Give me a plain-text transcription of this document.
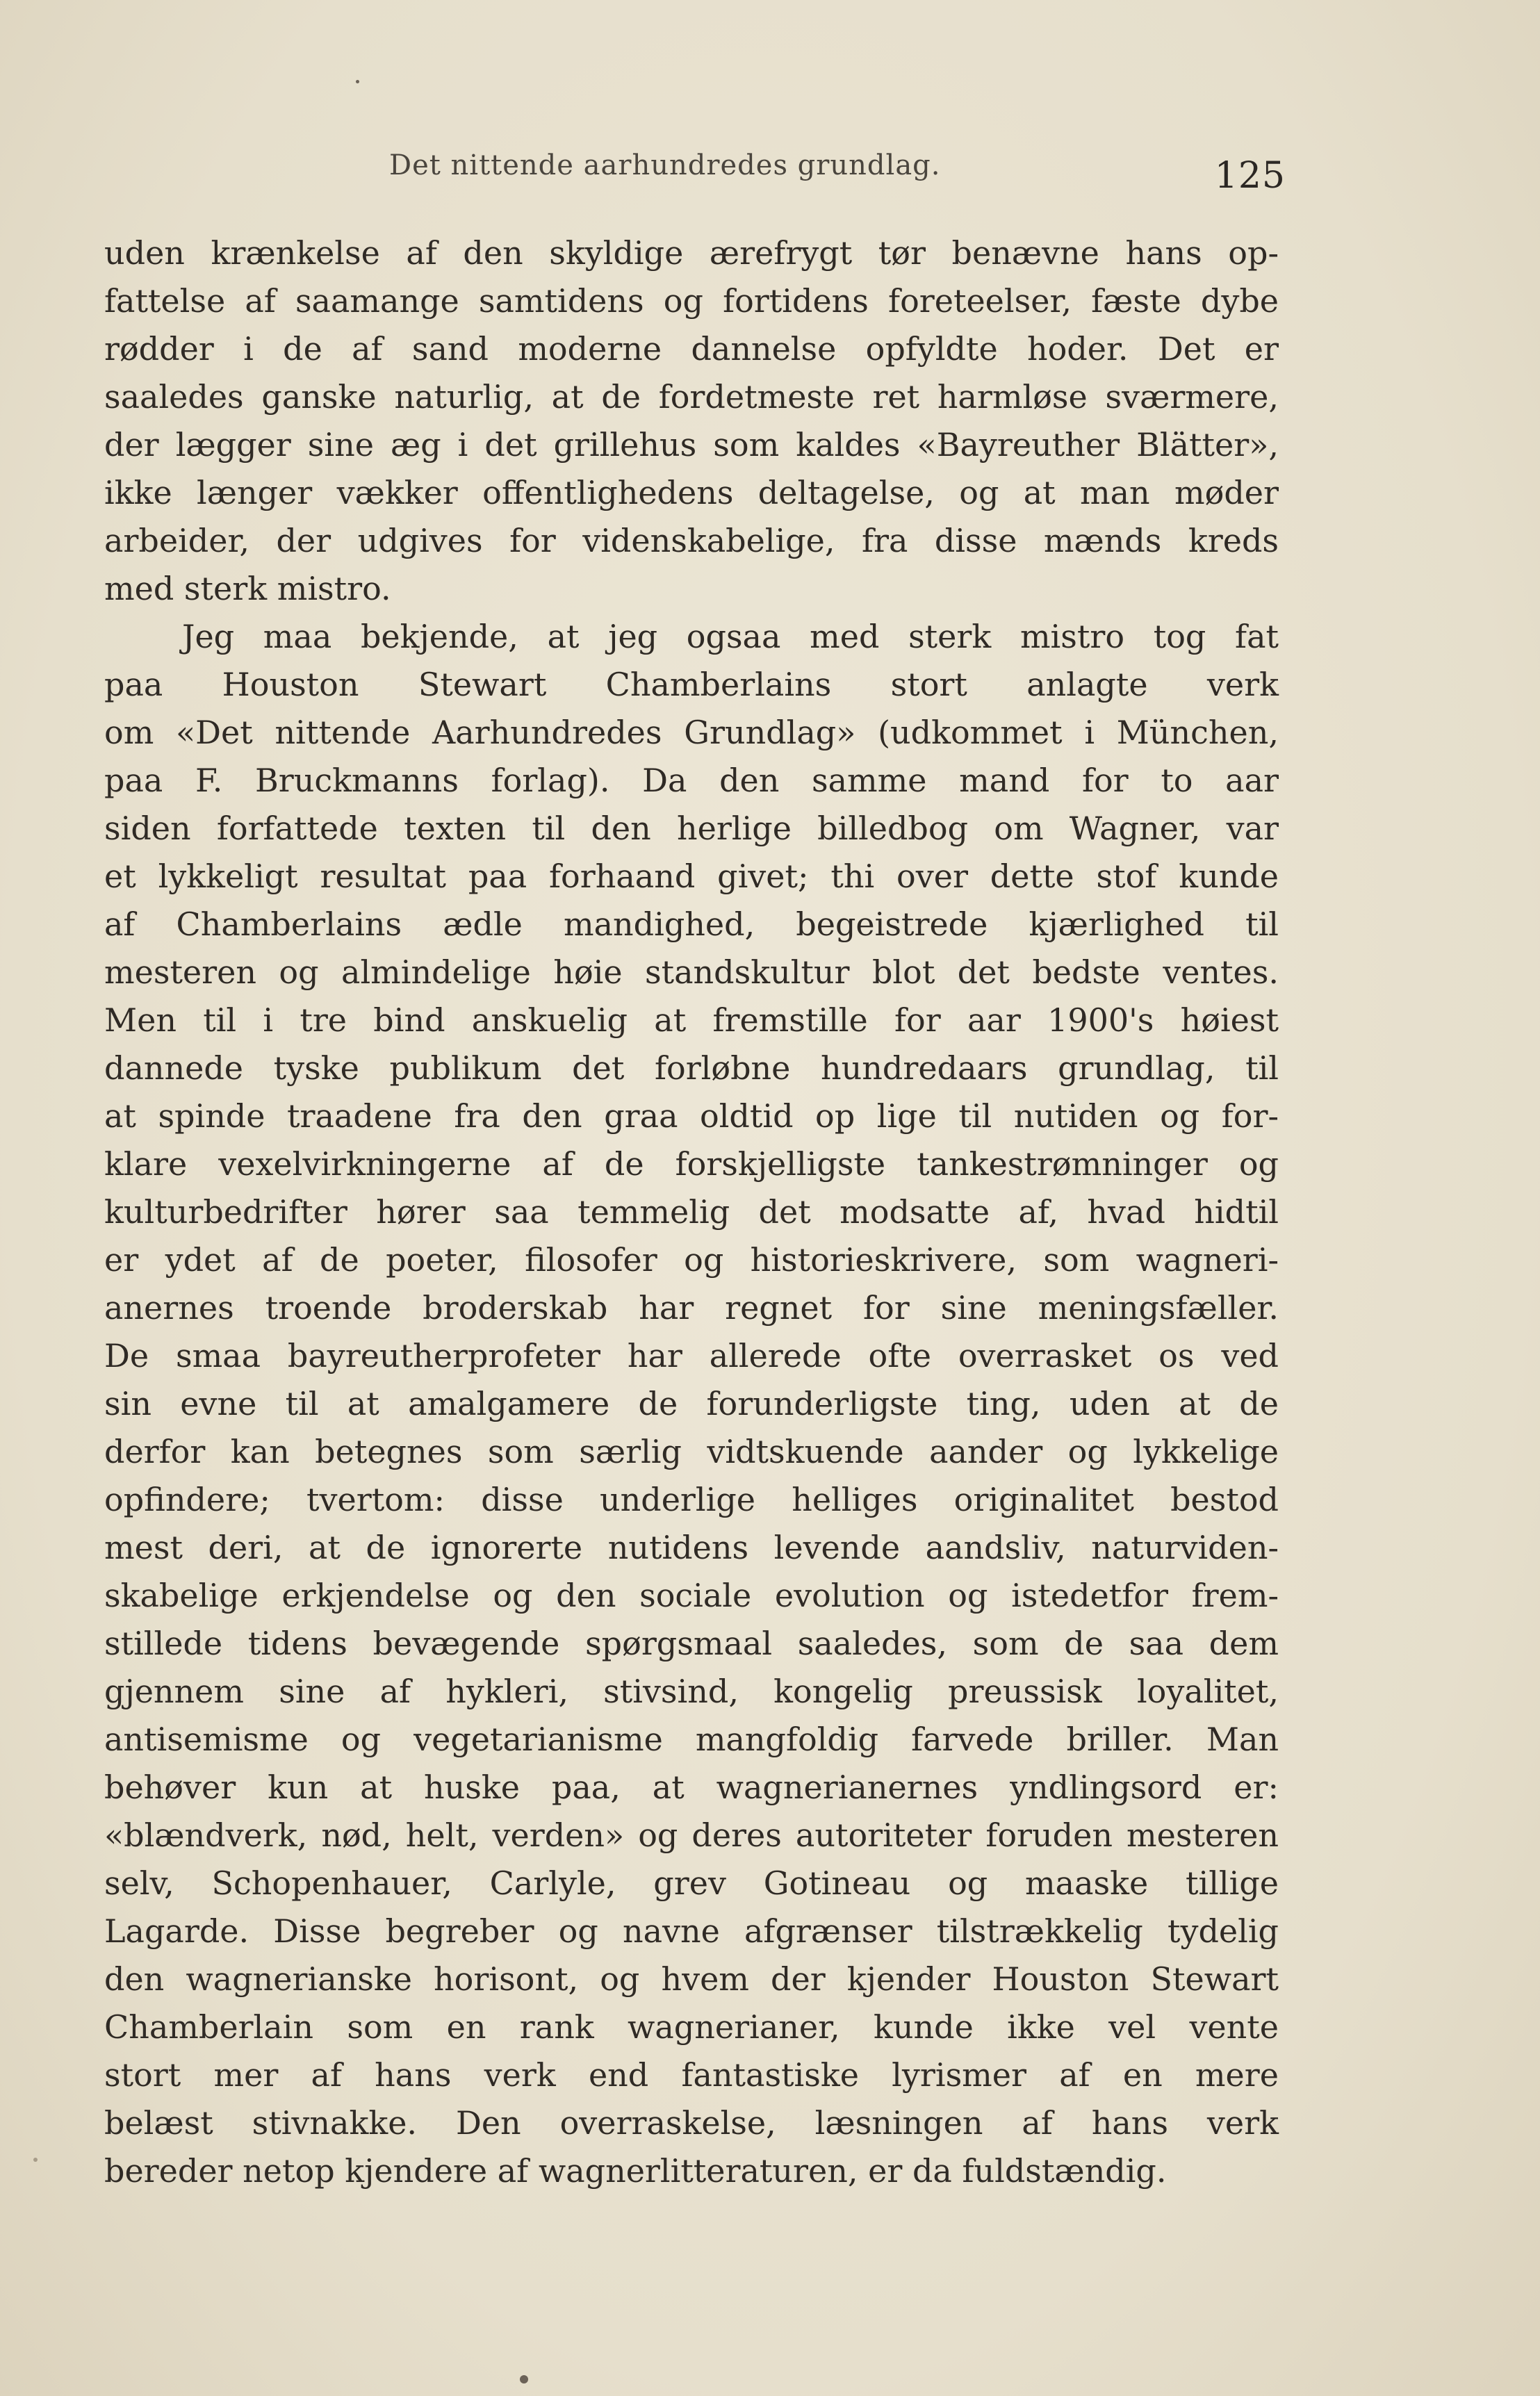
Det nittende aarhundredes grundlag.	125
uden krænkelse af den skyldige ærefrygt tør benævne hans op-
fattelse af saamange samtidens og fortidens foreteelser, fæste dybe
rødder i de af sand moderne dannelse opfyldte hoder. Det er
saaledes ganske naturlig, at de fordetmeste ret harmløse sværmere,
der lægger sine æg i det grillehus som kaldes «Bayreuther Blätter»,
ikke længer vækker offentlighedens deltagelse, og at man møder
arbeider, der udgives for videnskabelige, fra disse mænds kreds
med sterk mistro.
Jeg maa bekjende, at jeg ogsaa med sterk mistro tog fat
paa Houston Stewart Chamberlains stort anlagte verk
om «Det nittende Aarhundredes Grundlag» (udkommet i München,
paa F. Bruckmanns forlag). Da den samme mand for to aar
siden forfattede texten til den herlige billedbog om Wagner, var
et lykkeligt resultat paa forhaand givet; thi over dette stof kunde
af Chamberlains ædle mandighed, begeistrede kjærlighed til
mesteren og almindelige høie standskultur blot det bedste ventes.
Men til i tre bind anskuelig at fremstille for aar 1900's høiest
dannede tyske publikum det forløbne hundredaars grundlag, til
at spinde traadene fra den graa oldtid op lige til nutiden og for-
klare vexelvirkningerne af de forskjelligste tankestrømninger og
kulturbedrifter hører saa temmelig det modsatte af, hvad hidtil
er ydet af de poeter, filosofer og historieskrivere, som wagneri-
anernes troende broderskab har regnet for sine meningsfæller.
De smaa bayreutherprofeter har allerede ofte overrasket os ved
sin evne til at amalgamere de forunderligste ting, uden at de
derfor kan betegnes som særlig vidtskuende aander og lykkelige
opfindere; tvertom: disse underlige helliges originalitet bestod
mest deri, at de ignorerte nutidens levende aandsliv, naturviden-
skabelige erkjendelse og den sociale evolution og istedetfor frem-
stillede tidens bevægende spørgsmaal saaledes, som de saa dem
gjennem sine af hykleri, stivsind, kongelig preussisk loyalitet,
antisemisme og vegetarianisme mangfoldig farvede briller. Man
behøver kun at huske paa, at wagnerianernes yndlingsord er:
«blændverk, nød, helt, verden» og deres autoriteter foruden mesteren
selv, Schopenhauer, Carlyle, grev Gotineau og maaske tillige
Lagarde. Disse begreber og navne afgrænser tilstrækkelig tydelig
den wagnerianske horisont, og hvem der kjender Houston Stewart
Chamberlain som en rank wagnerianer, kunde ikke vel vente
stort mer af hans verk end fantastiske lyrismer af en mere
belæst stivnakke. Den overraskelse, læsningen af hans verk
bereder netop kjendere af wagnerlitteraturen, er da fuldstændig.
